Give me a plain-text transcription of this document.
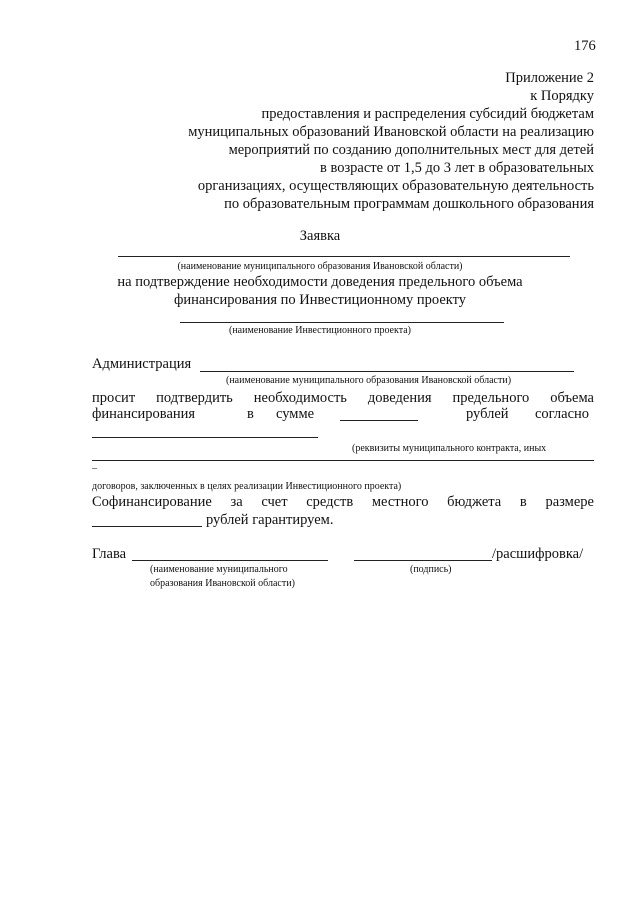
176
Приложение 2
к Порядку
предоставления и распределения субсидий бюджетам
муниципальных образований Ивановской области на реализацию
мероприятий по созданию дополнительных мест для детей
в возрасте от 1,5 до 3 лет в образовательных
организациях, осуществляющих образовательную деятельность
по образовательным программам дошкольного образования
Заявка
(наименование муниципального образования Ивановской области)
на подтверждение необходимости доведения предельного объема
финансирования по Инвестиционному проекту
(наименование Инвестиционного проекта)
Администрация
(наименование муниципального образования Ивановской области)
просит подтвердить необходимость доведения предельного объема
финансирования	в сумме	рублей согласно
(реквизиты муниципального контракта, иных
–
договоров, заключенных в целях реализации Инвестиционного проекта)
Софинансирование за счет средств местного бюджета в размере
рублей гарантируем.
Глава	/расшифровка/
(наименование муниципального
образования Ивановской области)
(подпись)
